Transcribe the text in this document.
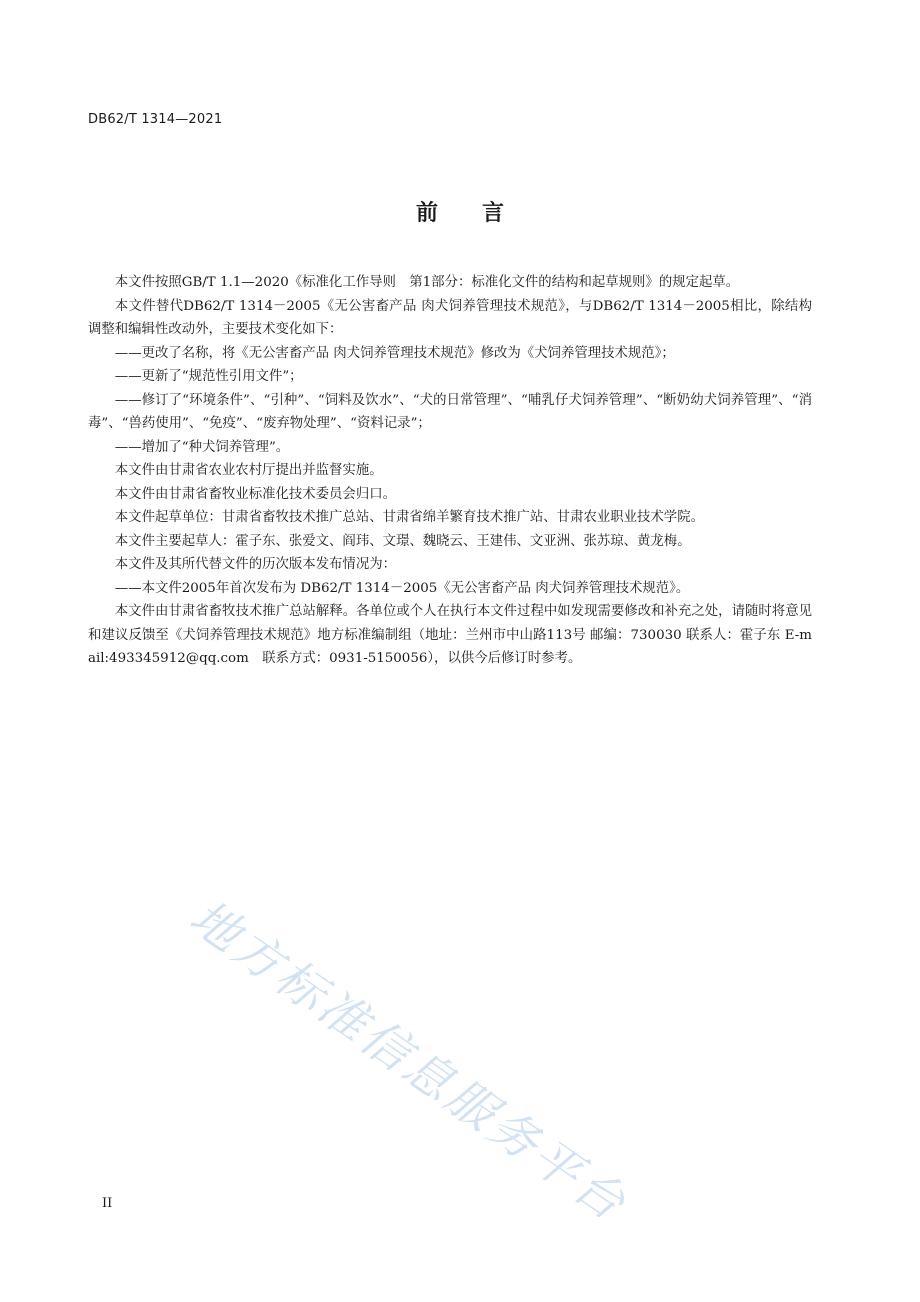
DB62/T 1314—2021
前言

本文件按照GB/T 1.1—2020《标准化工作导则　第1部分：标准化文件的结构和起草规则》的规定起草。

本文件替代DB62/T 1314－2005《无公害畜产品 肉犬饲养管理技术规范》，与DB62/T 1314－2005相比，除结构调整和编辑性改动外，主要技术变化如下：

——更改了名称，将《无公害畜产品 肉犬饲养管理技术规范》修改为《犬饲养管理技术规范》；

——更新了“规范性引用文件”；

——修订了“环境条件”、“引种”、“饲料及饮水”、“犬的日常管理”、“哺乳仔犬饲养管理”、“断奶幼犬饲养管理”、“消毒”、“兽药使用”、“免疫”、“废弃物处理”、“资料记录”；

——增加了“种犬饲养管理”。

本文件由甘肃省农业农村厅提出并监督实施。

本文件由甘肃省畜牧业标准化技术委员会归口。

本文件起草单位：甘肃省畜牧技术推广总站、甘肃省绵羊繁育技术推广站、甘肃农业职业技术学院。

本文件主要起草人：霍子东、张爱文、阎玮、文璟、魏晓云、王建伟、文亚洲、张苏琼、黄龙梅。

本文件及其所代替文件的历次版本发布情况为：

——本文件2005年首次发布为 DB62/T 1314－2005《无公害畜产品 肉犬饲养管理技术规范》。

本文件由甘肃省畜牧技术推广总站解释。各单位或个人在执行本文件过程中如发现需要修改和补充之处，请随时将意见和建议反馈至《犬饲养管理技术规范》地方标准编制组（地址：兰州市中山路113号 邮编：730030 联系人：霍子东 E-mail:493345912@qq.com　联系方式：0931-5150056），以供今后修订时参考。

地方标准信息服务平台
II
